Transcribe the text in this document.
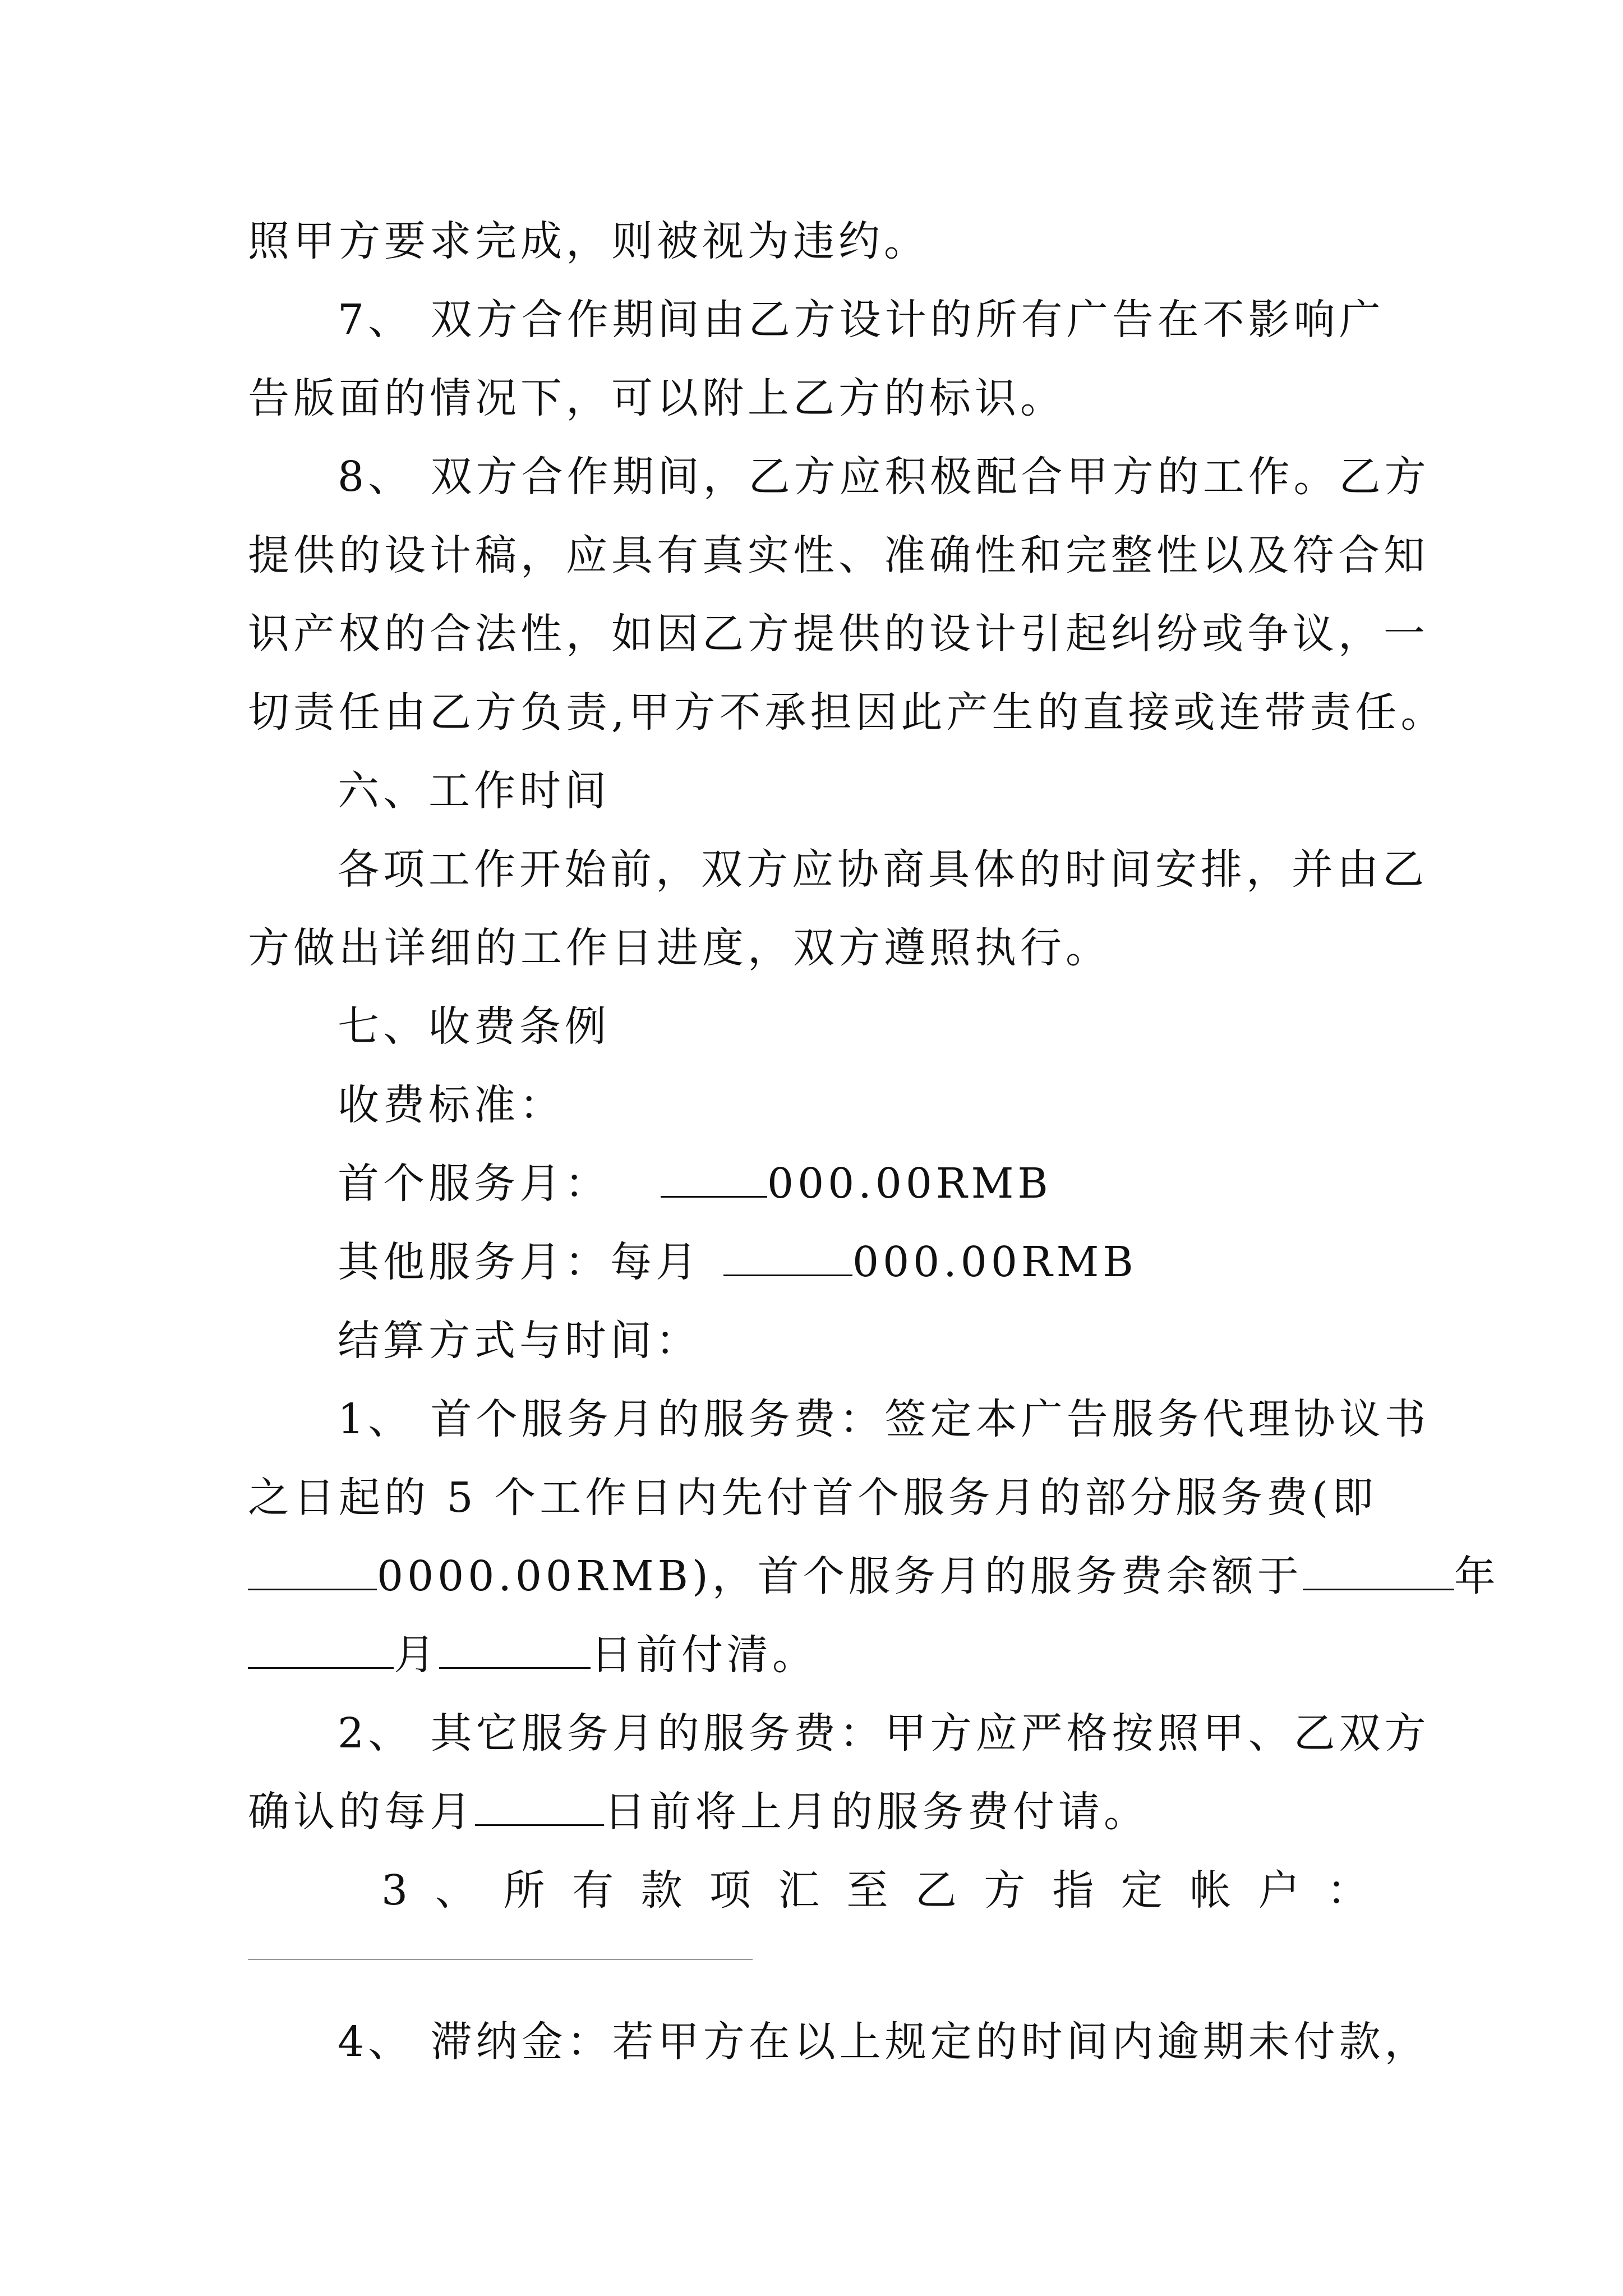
照甲方要求完成，则被视为违约。
7、 双方合作期间由乙方设计的所有广告在不影响广
告版面的情况下，可以附上乙方的标识。
8、 双方合作期间，乙方应积极配合甲方的工作。乙方
提供的设计稿，应具有真实性、准确性和完整性以及符合知
识产权的合法性，如因乙方提供的设计引起纠纷或争议，一
切责任由乙方负责,甲方不承担因此产生的直接或连带责任。
六、工作时间
各项工作开始前，双方应协商具体的时间安排，并由乙
方做出详细的工作日进度，双方遵照执行。
七、收费条例
收费标准：
首个服务月：	000.00RMB
其他服务月：每月	000.00RMB
结算方式与时间：
1、 首个服务月的服务费：签定本广告服务代理协议书
之日起的 5 个工作日内先付首个服务月的部分服务费(即
0000.00RMB)，首个服务月的服务费余额于	年
月	日前付清。
2、 其它服务月的服务费：甲方应严格按照甲、乙双方
确认的每月	日前将上月的服务费付请。
3 、 所 有 款 项 汇 至 乙 方 指 定 帐 户 ：
4、 滞纳金：若甲方在以上规定的时间内逾期未付款，
